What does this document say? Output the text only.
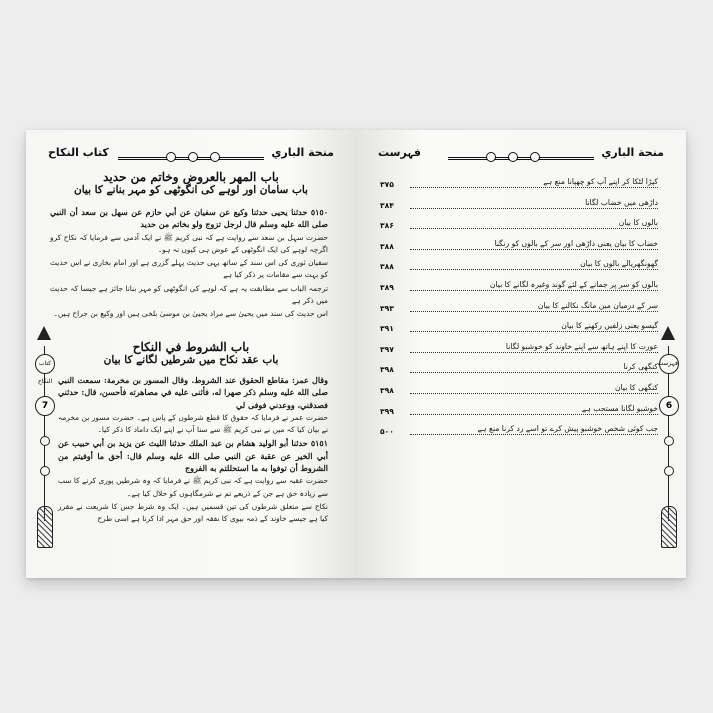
منحة الباري
كتاب النكاح
باب المهر بالعروض وخاتم من حديد
باب سامان اور لوہے کی انگوٹھی کو مہر بنانے کا بیان

٥١٥٠ حدثنا يحيى حدثنا وكيع عن سفيان عن أبي حازم عن سهل بن سعد أن النبي صلى الله عليه وسلم قال لرجل تزوج ولو بخاتم من حديد

حضرت سہل بن سعد سے روایت ہے کہ نبی کریم ﷺ نے ایک آدمی سے فرمایا کہ نکاح کرو اگرچہ لوہے کی ایک انگوٹھی کے عوض ہی کیوں نہ ہو۔

سفیان ثوری کی اس سند کے ساتھ یہی حدیث پہلے گزری ہے اور امام بخاری نے اس حدیث کو بہت سے مقامات پر ذکر کیا ہے

ترجمہ الباب سے مطابقت یہ ہے کہ لوہے کی انگوٹھی کو مہر بنانا جائز ہے جیسا کہ حدیث میں ذکر ہے

اس حدیث کی سند میں یحییٰ سے مراد یحییٰ بن موسیٰ بلخی ہیں اور وکیع بن جراح ہیں۔

باب الشروط في النكاح
باب عقد نکاح میں شرطیں لگانے کا بیان

وقال عمر: مقاطع الحقوق عند الشروط. وقال المسور بن مخرمة: سمعت النبي صلى الله عليه وسلم ذكر صهرا له، فأثنى عليه في مصاهرته فأحسن، قال: حدثني فصدقني، ووعدني فوفى لي

حضرت عمر نے فرمایا کہ حقوق کا قطع شرطوں کے پاس ہے۔ حضرت مسور بن مخرمہ نے بیان کیا کہ میں نے نبی کریم ﷺ سے سنا آپ نے اپنے ایک داماد کا ذکر کیا۔

٥١٥١ حدثنا أبو الوليد هشام بن عبد الملك حدثنا الليث عن يزيد بن أبي حبيب عن أبي الخير عن عقبة عن النبي صلى الله عليه وسلم قال: أحق ما أوفيتم من الشروط أن توفوا به ما استحللتم به الفروج

حضرت عقبہ سے روایت ہے کہ نبی کریم ﷺ نے فرمایا کہ وہ شرطیں پوری کرنے کا سب سے زیادہ حق ہے جن کے ذریعے تم نے شرمگاہوں کو حلال کیا ہے۔

نکاح سے متعلق شرطوں کی تین قسمیں ہیں۔ ایک وہ شرط جس کا شریعت نے مقرر کیا ہے جیسے خاوند کے ذمہ بیوی کا نفقہ اور حق مہر ادا کرنا ہے اسی طرح

كتاب النكاح
7
منحة الباري
فہرست
کپڑا لٹکا کر اپنے آپ کو چھپانا منع ہے
۳۷۵
داڑھی میں خضاب لگانا
۳۸۴
بالوں کا بیان
۳۸۶
خضاب کا بیان یعنی داڑھی اور سر کے بالوں کو رنگنا
۳۸۸
گھونگھریالے بالوں کا بیان
۳۸۸
بالوں کو سر پر جمانے کے لئے گوند وغیرہ لگانے کا بیان
۳۸۹
سر کے درمیان میں مانگ نکالنے کا بیان
۳۹۳
گیسو یعنی زلفیں رکھنے کا بیان
۳۹۱
عورت کا اپنے ہاتھ سے اپنے خاوند کو خوشبو لگانا
۳۹۷
کنگھی کرنا
۳۹۸
کنگھی کا بیان
۳۹۸
خوشبو لگانا مستحب ہے
۳۹۹
جب کوئی شخص خوشبو پیش کرے تو اسے رد کرنا منع ہے
۵۰۰
فہرست
6
